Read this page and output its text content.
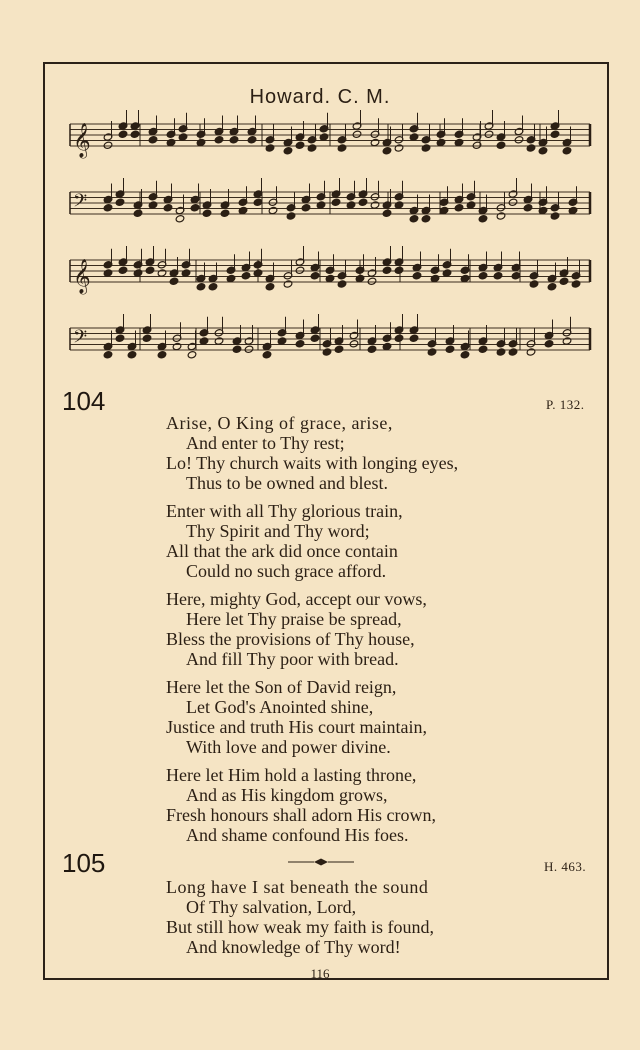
Howard. C. M.
𝄞
𝄢
𝄞
𝄢
104	P. 132.
Arise, O King of grace, arise,
And enter to Thy rest;
Lo! Thy church waits with longing eyes,
Thus to be owned and blest.
Enter with all Thy glorious train,
Thy Spirit and Thy word;
All that the ark did once contain
Could no such grace afford.
Here, mighty God, accept our vows,
Here let Thy praise be spread,
Bless the provisions of Thy house,
And fill Thy poor with bread.
Here let the Son of David reign,
Let God's Anointed shine,
Justice and truth His court maintain,
With love and power divine.
Here let Him hold a lasting throne,
And as His kingdom grows,
Fresh honours shall adorn His crown,
And shame confound His foes.
105	H. 463.
Long have I sat beneath the sound
Of Thy salvation, Lord,
But still how weak my faith is found,
And knowledge of Thy word!
116
